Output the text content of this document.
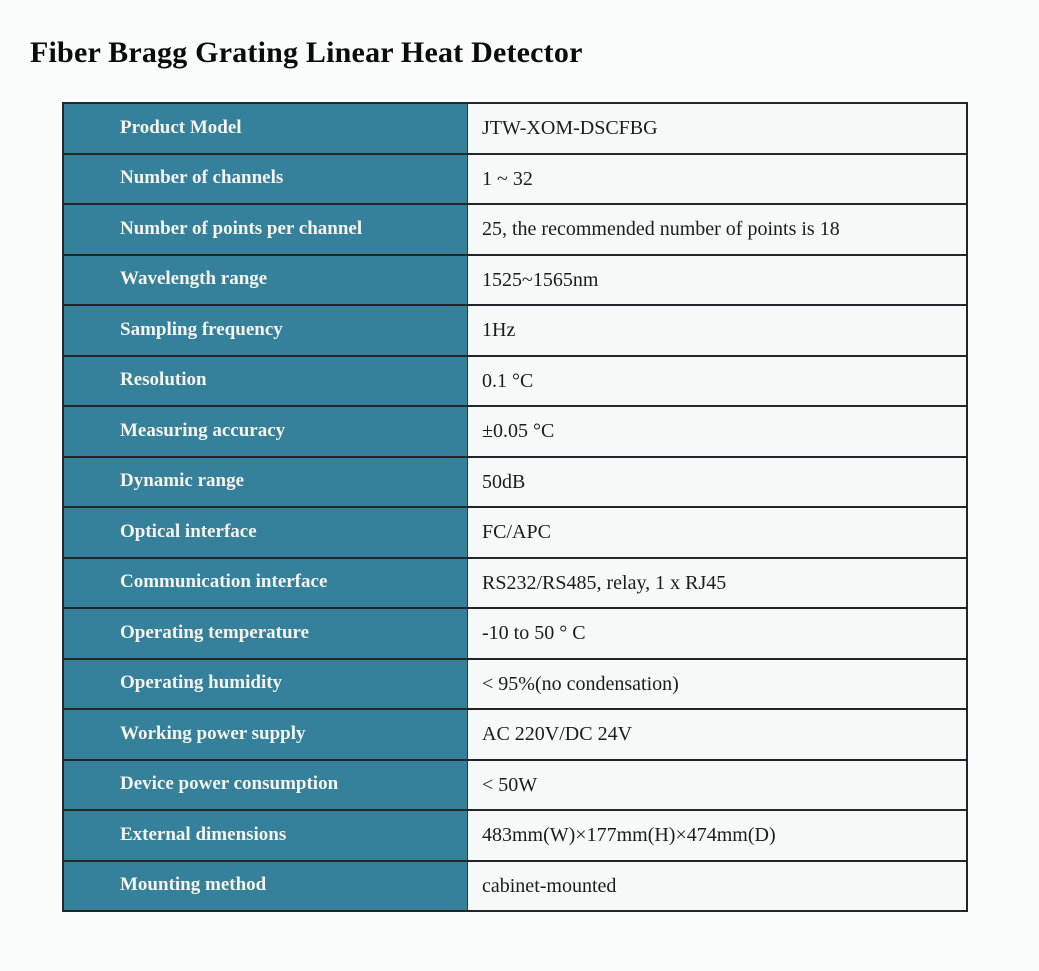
Fiber Bragg Grating Linear Heat Detector
Product Model	JTW-XOM-DSCFBG
Number of channels	1 ~ 32
Number of points per channel	25, the recommended number of points is 18
Wavelength range	1525~1565nm
Sampling frequency	1Hz
Resolution	0.1 °C
Measuring accuracy	±0.05 °C
Dynamic range	50dB
Optical interface	FC/APC
Communication interface	RS232/RS485, relay, 1 x RJ45
Operating temperature	-10 to 50 ° C
Operating humidity	< 95%(no condensation)
Working power supply	AC 220V/DC 24V
Device power consumption	< 50W
External dimensions	483mm(W)×177mm(H)×474mm(D)
Mounting method	cabinet-mounted
